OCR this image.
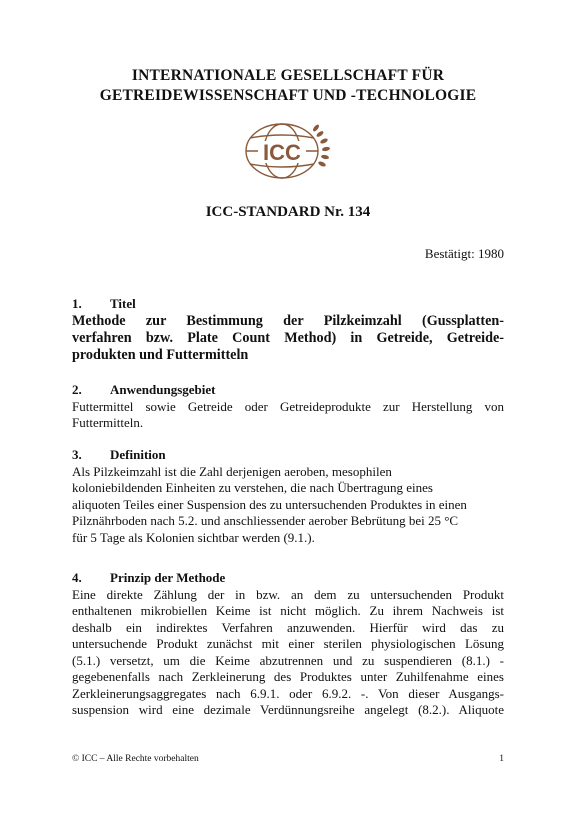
INTERNATIONALE GESELLSCHAFT FÜR
GETREIDEWISSENSCHAFT UND -TECHNOLOGIE
ICC
ICC-STANDARD Nr. 134
Bestätigt: 1980
1.	Titel
Methode zur Bestimmung der Pilzkeimzahl (Gussplatten-
verfahren bzw. Plate Count Method) in Getreide, Getreide-
produkten und Futtermitteln
2.	Anwendungsgebiet
Futtermittel sowie Getreide oder Getreideprodukte zur Herstellung von
Futtermitteln.
3.	Definition
Als Pilzkeimzahl ist die Zahl derjenigen aeroben, mesophilen
koloniebildenden Einheiten zu verstehen, die nach Übertragung eines
aliquoten Teiles einer Suspension des zu untersuchenden Produktes in einen
Pilznährboden nach 5.2. und anschliessender aerober Bebrütung bei 25 °C
für 5 Tage als Kolonien sichtbar werden (9.1.).
4.	Prinzip der Methode
Eine direkte Zählung der in bzw. an dem zu untersuchenden Produkt
enthaltenen mikrobiellen Keime ist nicht möglich. Zu ihrem Nachweis ist
deshalb ein indirektes Verfahren anzuwenden. Hierfür wird das zu
untersuchende Produkt zunächst mit einer sterilen physiologischen Lösung
(5.1.) versetzt, um die Keime abzutrennen und zu suspendieren (8.1.) -
gegebenenfalls nach Zerkleinerung des Produktes unter Zuhilfenahme eines
Zerkleinerungsaggregates nach 6.9.1. oder 6.9.2. -. Von dieser Ausgangs-
suspension wird eine dezimale Verdünnungsreihe angelegt (8.2.). Aliquote
© ICC – Alle Rechte vorbehalten	1
